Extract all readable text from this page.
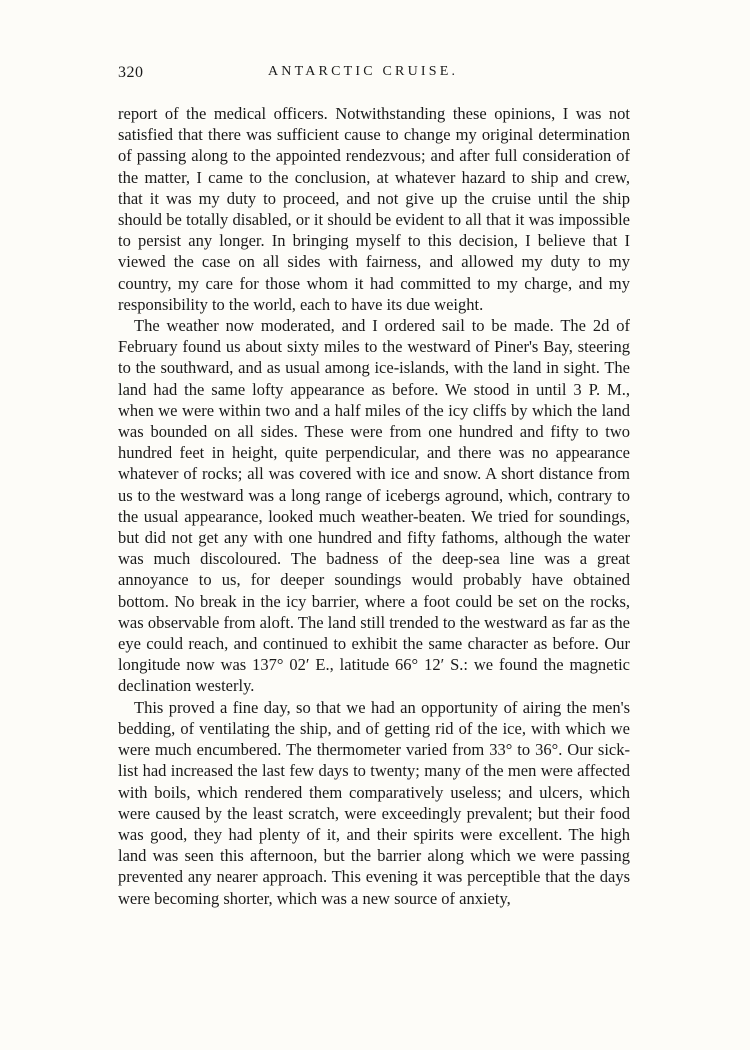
320	ANTARCTIC CRUISE.

report of the medical officers. Notwithstanding these opinions, I was not satisfied that there was sufficient cause to change my original determination of passing along to the appointed rendezvous; and after full consideration of the matter, I came to the conclusion, at whatever hazard to ship and crew, that it was my duty to proceed, and not give up the cruise until the ship should be totally disabled, or it should be evident to all that it was impossible to persist any longer. In bringing myself to this decision, I believe that I viewed the case on all sides with fairness, and allowed my duty to my country, my care for those whom it had committed to my charge, and my responsibility to the world, each to have its due weight.

The weather now moderated, and I ordered sail to be made. The 2d of February found us about sixty miles to the westward of Piner's Bay, steering to the southward, and as usual among ice-islands, with the land in sight. The land had the same lofty appearance as before. We stood in until 3 P. M., when we were within two and a half miles of the icy cliffs by which the land was bounded on all sides. These were from one hundred and fifty to two hundred feet in height, quite perpendicular, and there was no appearance whatever of rocks; all was covered with ice and snow. A short distance from us to the westward was a long range of icebergs aground, which, contrary to the usual appearance, looked much weather-beaten. We tried for soundings, but did not get any with one hundred and fifty fathoms, although the water was much discoloured. The badness of the deep-sea line was a great annoyance to us, for deeper soundings would probably have obtained bottom. No break in the icy barrier, where a foot could be set on the rocks, was observable from aloft. The land still trended to the westward as far as the eye could reach, and continued to exhibit the same character as before. Our longitude now was 137° 02′ E., latitude 66° 12′ S.: we found the magnetic declination westerly.

This proved a fine day, so that we had an opportunity of airing the men's bedding, of ventilating the ship, and of getting rid of the ice, with which we were much encumbered. The thermometer varied from 33° to 36°. Our sick-list had increased the last few days to twenty; many of the men were affected with boils, which rendered them comparatively useless; and ulcers, which were caused by the least scratch, were exceedingly prevalent; but their food was good, they had plenty of it, and their spirits were excellent. The high land was seen this afternoon, but the barrier along which we were passing prevented any nearer approach. This evening it was perceptible that the days were becoming shorter, which was a new source of anxiety,
